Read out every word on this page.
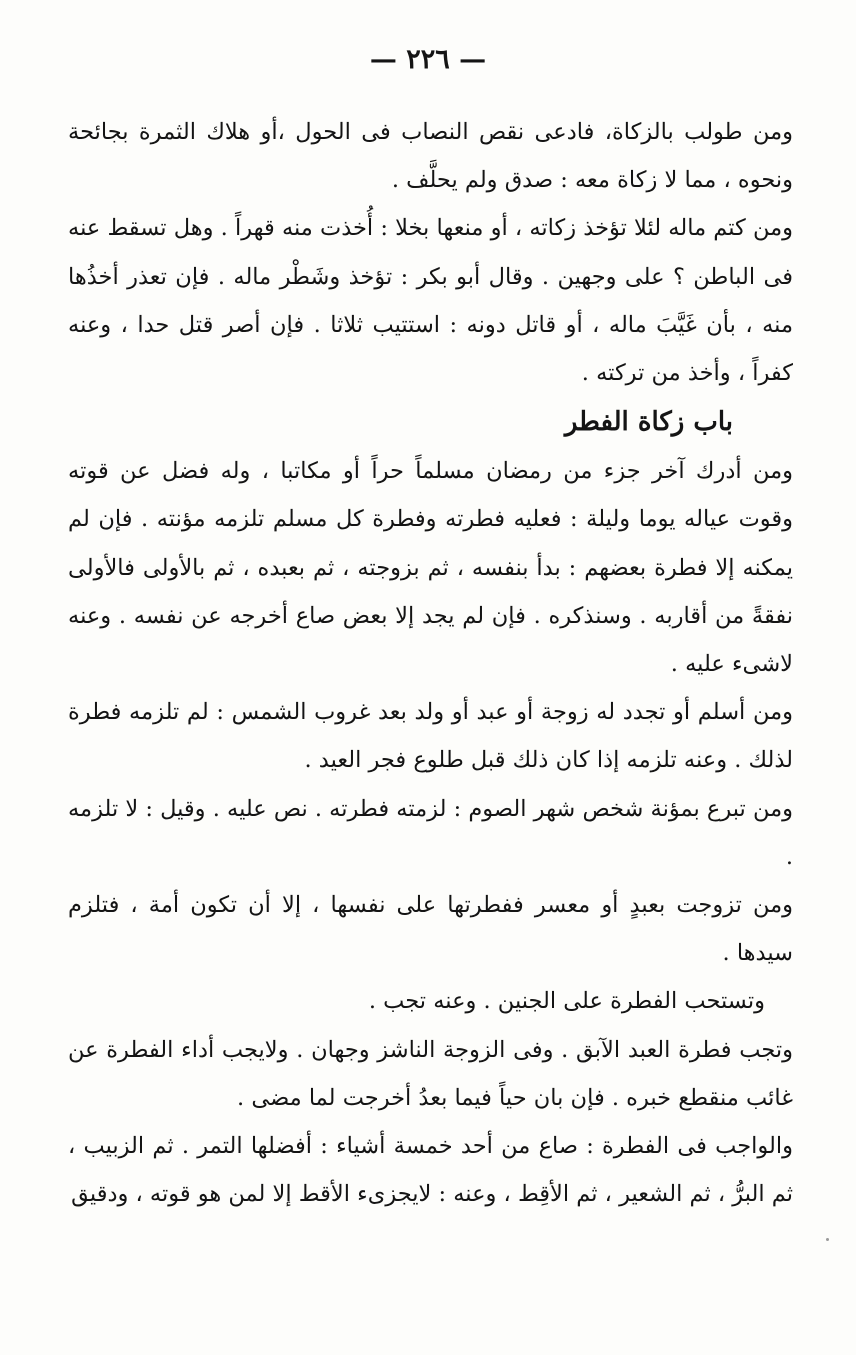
— ٢٢٦ —

ومن طولب بالزكاة، فادعى نقص النصاب فى الحول ،أو هلاك الثمرة بجائحة ونحوه ، مما لا زكاة معه : صدق ولم يحلَّف .

ومن كتم ماله لئلا تؤخذ زكاته ، أو منعها بخلا : أُخذت منه قهراً . وهل تسقط عنه فى الباطن ؟ على وجهين . وقال أبو بكر : تؤخذ وشَطْر ماله . فإن تعذر أخذُها منه ، بأن غَيَّبَ ماله ، أو قاتل دونه : استتيب ثلاثا . فإن أصر قتل حدا ، وعنه كفراً ، وأخذ من تركته .

باب زكاة الفطر

ومن أدرك آخر جزء من رمضان مسلماً حراً أو مكاتبا ، وله فضل عن قوته وقوت عياله يوما وليلة : فعليه فطرته وفطرة كل مسلم تلزمه مؤنته . فإن لم يمكنه إلا فطرة بعضهم : بدأ بنفسه ، ثم بزوجته ، ثم بعبده ، ثم بالأولى فالأولى نفقةً من أقاربه . وسنذكره . فإن لم يجد إلا بعض صاع أخرجه عن نفسه . وعنه لاشىء عليه .

ومن أسلم أو تجدد له زوجة أو عبد أو ولد بعد غروب الشمس : لم تلزمه فطرة لذلك . وعنه تلزمه إذا كان ذلك قبل طلوع فجر العيد .

ومن تبرع بمؤنة شخص شهر الصوم : لزمته فطرته . نص عليه . وقيل : لا تلزمه .

ومن تزوجت بعبدٍ أو معسر ففطرتها على نفسها ، إلا أن تكون أمة ، فتلزم سيدها .

وتستحب الفطرة على الجنين . وعنه تجب .

وتجب فطرة العبد الآبق . وفى الزوجة الناشز وجهان . ولايجب أداء الفطرة عن غائب منقطع خبره . فإن بان حياً فيما بعدُ أخرجت لما مضى .

والواجب فى الفطرة : صاع من أحد خمسة أشياء : أفضلها التمر . ثم الزبيب ، ثم البرُّ ، ثم الشعير ، ثم الأقِط ، وعنه : لايجزىء الأقط إلا لمن هو قوته ، ودقيق
